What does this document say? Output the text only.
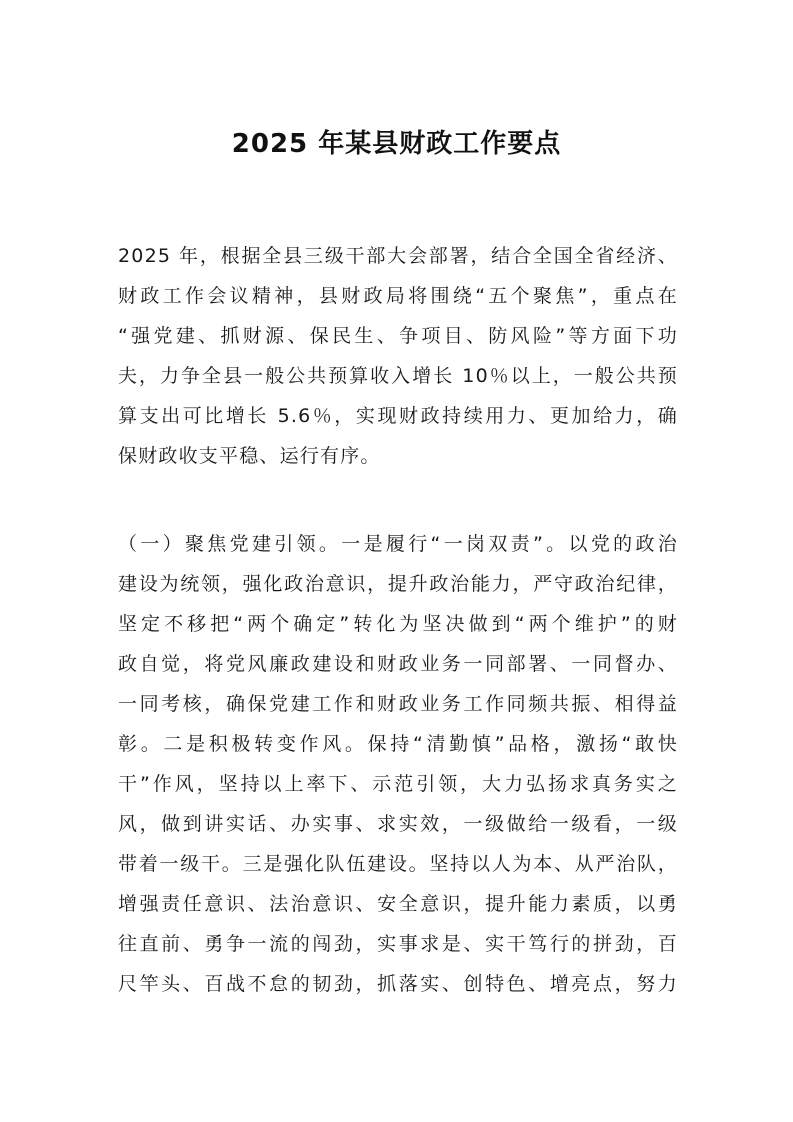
2025 年某县财政工作要点

2025 年，根据全县三级干部大会部署，结合全国全省经济、
财政工作会议精神，县财政局将围绕“五个聚焦”，重点在
“强党建、抓财源、保民生、争项目、防风险”等方面下功
夫，力争全县一般公共预算收入增长 10％以上，一般公共预
算支出可比增长 5.6％，实现财政持续用力、更加给力，确
保财政收支平稳、运行有序。

（一）聚焦党建引领。一是履行“一岗双责”。以党的政治
建设为统领，强化政治意识，提升政治能力，严守政治纪律，
坚定不移把“两个确定”转化为坚决做到“两个维护”的财
政自觉，将党风廉政建设和财政业务一同部署、一同督办、
一同考核，确保党建工作和财政业务工作同频共振、相得益
彰。二是积极转变作风。保持“清勤慎”品格，激扬“敢快
干”作风，坚持以上率下、示范引领，大力弘扬求真务实之
风，做到讲实话、办实事、求实效，一级做给一级看，一级
带着一级干。三是强化队伍建设。坚持以人为本、从严治队，
增强责任意识、法治意识、安全意识，提升能力素质，以勇
往直前、勇争一流的闯劲，实事求是、实干笃行的拼劲，百
尺竿头、百战不怠的韧劲，抓落实、创特色、增亮点，努力
